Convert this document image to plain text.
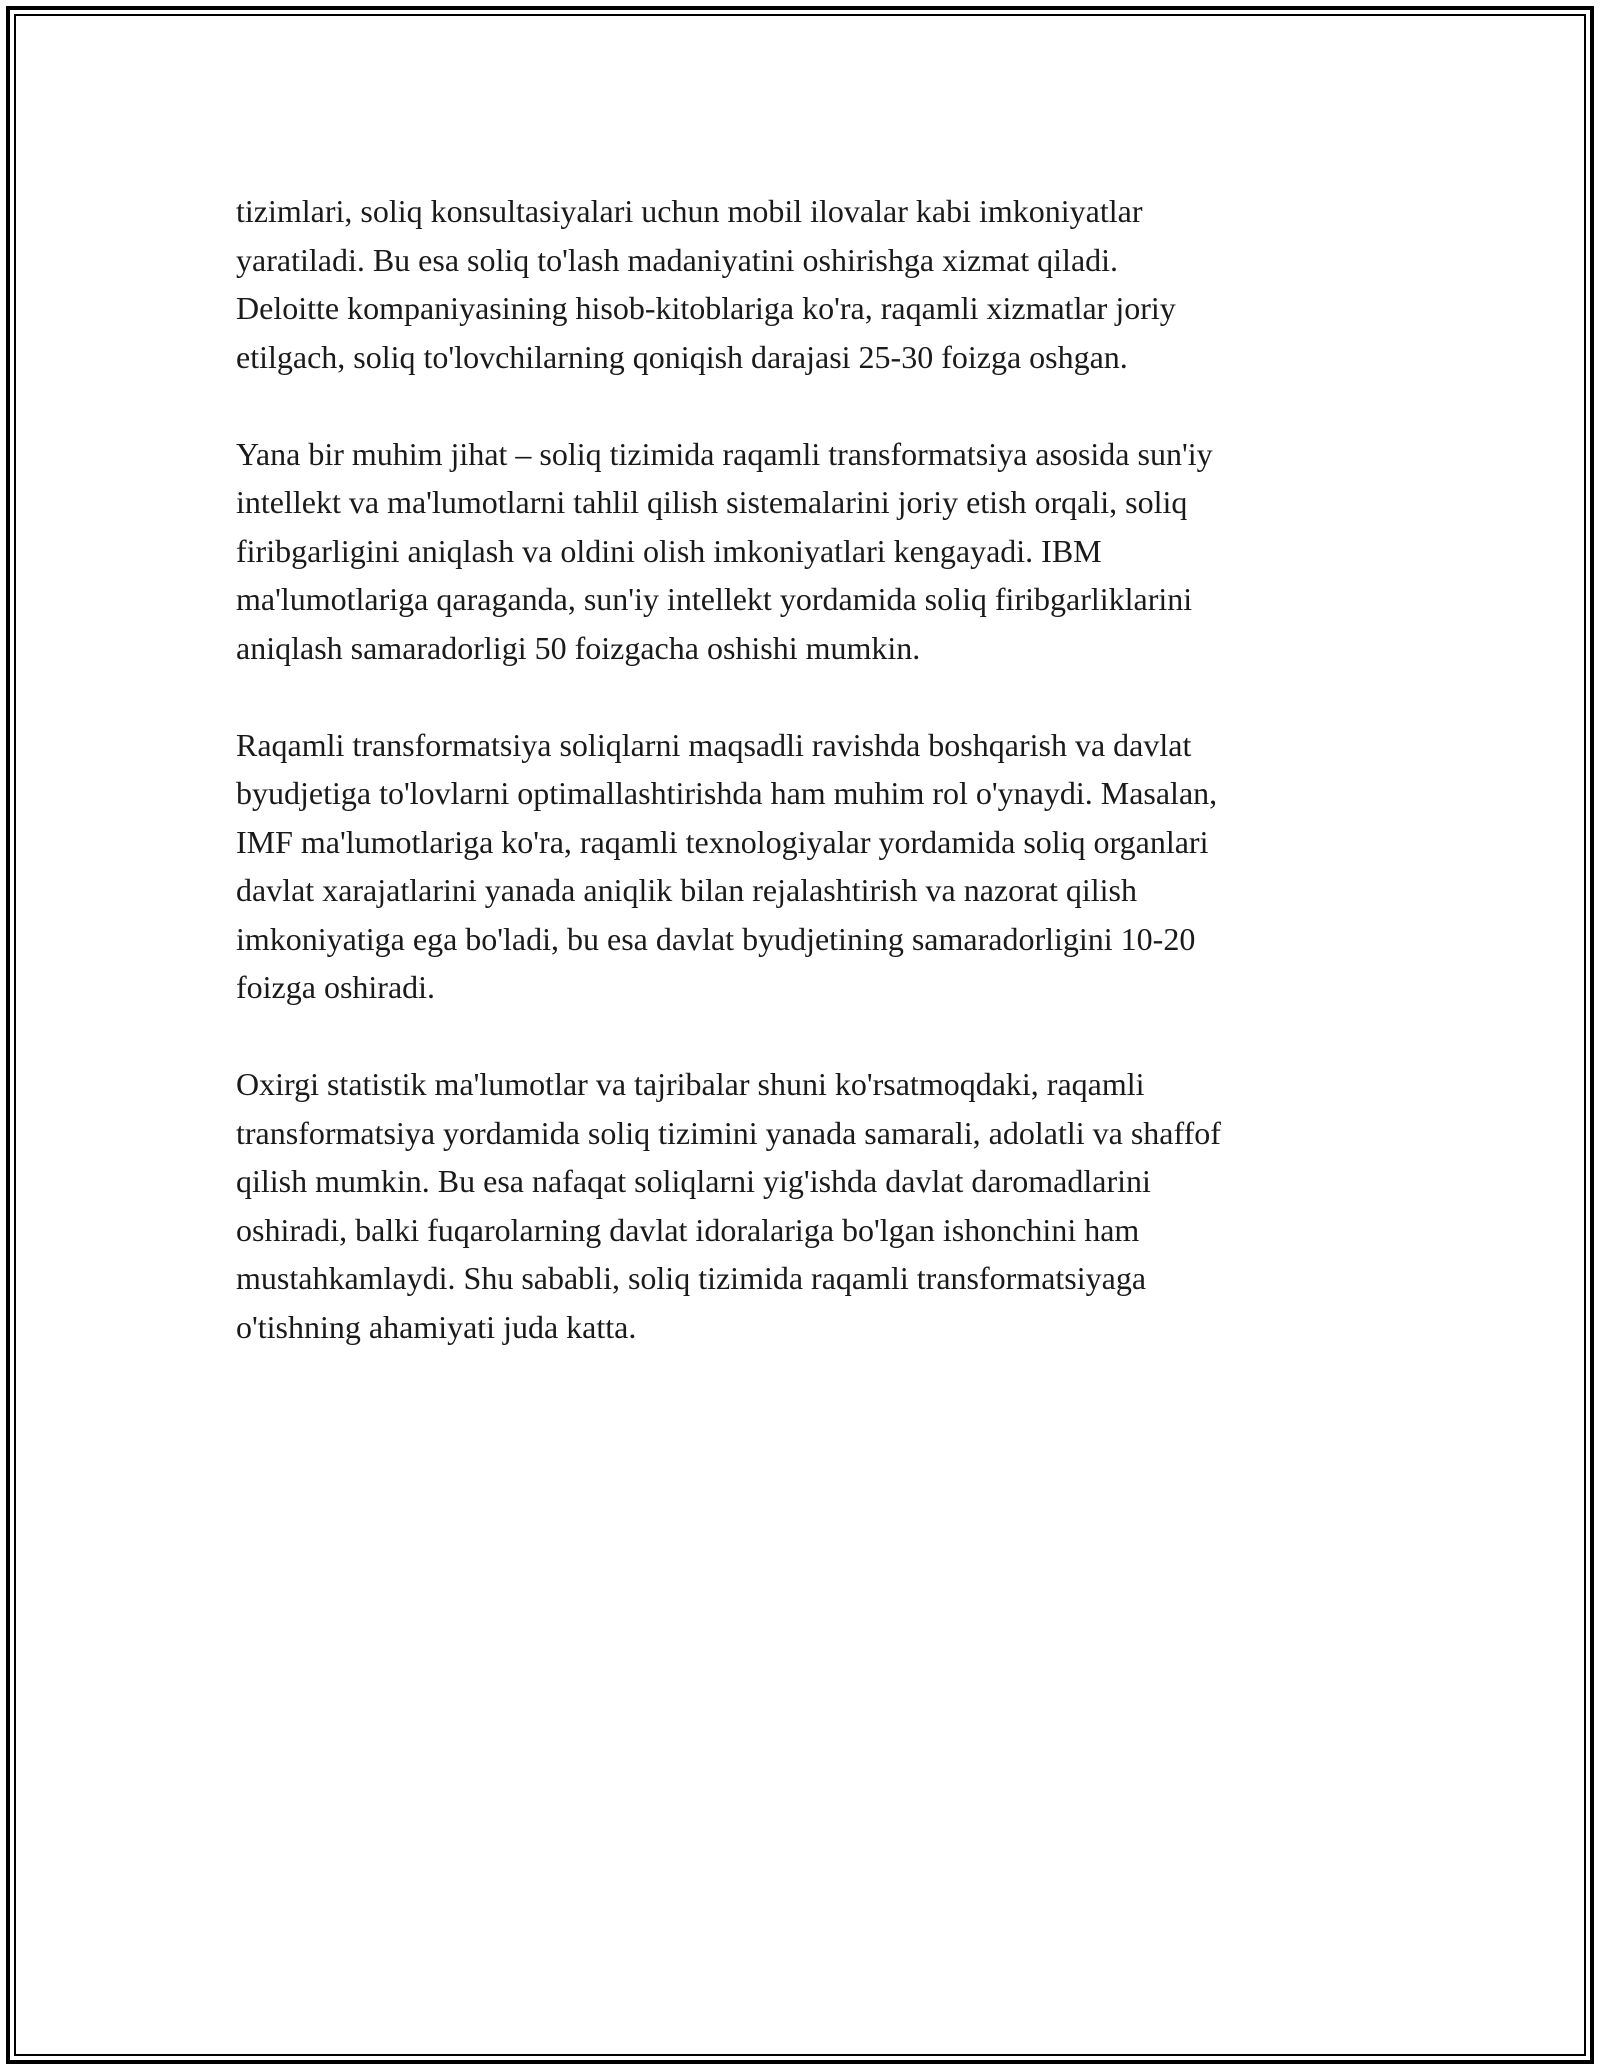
tizimlari, soliq konsultasiyalari uchun mobil ilovalar kabi imkoniyatlar
yaratiladi. Bu esa soliq to'lash madaniyatini oshirishga xizmat qiladi.
Deloitte kompaniyasining hisob-kitoblariga ko'ra, raqamli xizmatlar joriy
etilgach, soliq to'lovchilarning qoniqish darajasi 25-30 foizga oshgan.

Yana bir muhim jihat – soliq tizimida raqamli transformatsiya asosida sun'iy
intellekt va ma'lumotlarni tahlil qilish sistemalarini joriy etish orqali, soliq
firibgarligini aniqlash va oldini olish imkoniyatlari kengayadi. IBM
ma'lumotlariga qaraganda, sun'iy intellekt yordamida soliq firibgarliklarini
aniqlash samaradorligi 50 foizgacha oshishi mumkin.

Raqamli transformatsiya soliqlarni maqsadli ravishda boshqarish va davlat
byudjetiga to'lovlarni optimallashtirishda ham muhim rol o'ynaydi. Masalan,
IMF ma'lumotlariga ko'ra, raqamli texnologiyalar yordamida soliq organlari
davlat xarajatlarini yanada aniqlik bilan rejalashtirish va nazorat qilish
imkoniyatiga ega bo'ladi, bu esa davlat byudjetining samaradorligini 10-20
foizga oshiradi.

Oxirgi statistik ma'lumotlar va tajribalar shuni ko'rsatmoqdaki, raqamli
transformatsiya yordamida soliq tizimini yanada samarali, adolatli va shaffof
qilish mumkin. Bu esa nafaqat soliqlarni yig'ishda davlat daromadlarini
oshiradi, balki fuqarolarning davlat idoralariga bo'lgan ishonchini ham
mustahkamlaydi. Shu sababli, soliq tizimida raqamli transformatsiyaga
o'tishning ahamiyati juda katta.
